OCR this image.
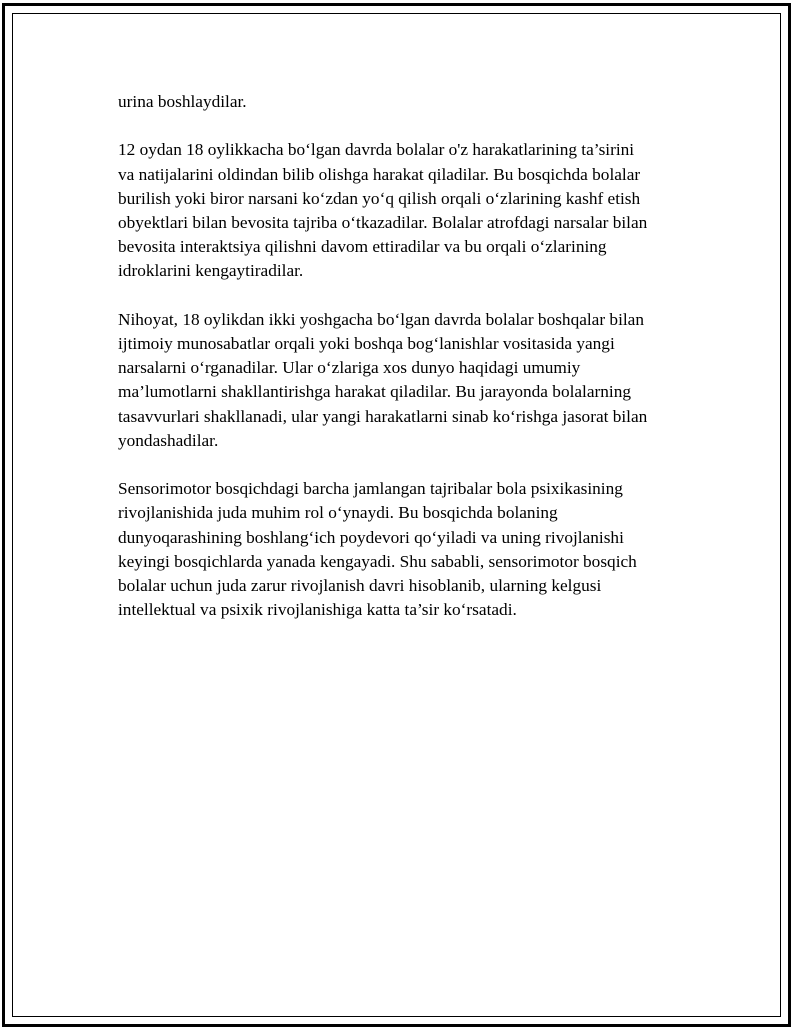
urina boshlaydilar.

12 oydan 18 oylikkacha bo‘lgan davrda bolalar o'z harakatlarining ta’sirini
va natijalarini oldindan bilib olishga harakat qiladilar. Bu bosqichda bolalar
burilish yoki biror narsani ko‘zdan yo‘q qilish orqali o‘zlarining kashf etish
obyektlari bilan bevosita tajriba o‘tkazadilar. Bolalar atrofdagi narsalar bilan
bevosita interaktsiya qilishni davom ettiradilar va bu orqali o‘zlarining
idroklarini kengaytiradilar.

Nihoyat, 18 oylikdan ikki yoshgacha bo‘lgan davrda bolalar boshqalar bilan
ijtimoiy munosabatlar orqali yoki boshqa bog‘lanishlar vositasida yangi
narsalarni o‘rganadilar. Ular o‘zlariga xos dunyo haqidagi umumiy
ma’lumotlarni shakllantirishga harakat qiladilar. Bu jarayonda bolalarning
tasavvurlari shakllanadi, ular yangi harakatlarni sinab ko‘rishga jasorat bilan
yondashadilar.

Sensorimotor bosqichdagi barcha jamlangan tajribalar bola psixikasining
rivojlanishida juda muhim rol o‘ynaydi. Bu bosqichda bolaning
dunyoqarashining boshlang‘ich poydevori qo‘yiladi va uning rivojlanishi
keyingi bosqichlarda yanada kengayadi. Shu sababli, sensorimotor bosqich
bolalar uchun juda zarur rivojlanish davri hisoblanib, ularning kelgusi
intellektual va psixik rivojlanishiga katta ta’sir ko‘rsatadi.
